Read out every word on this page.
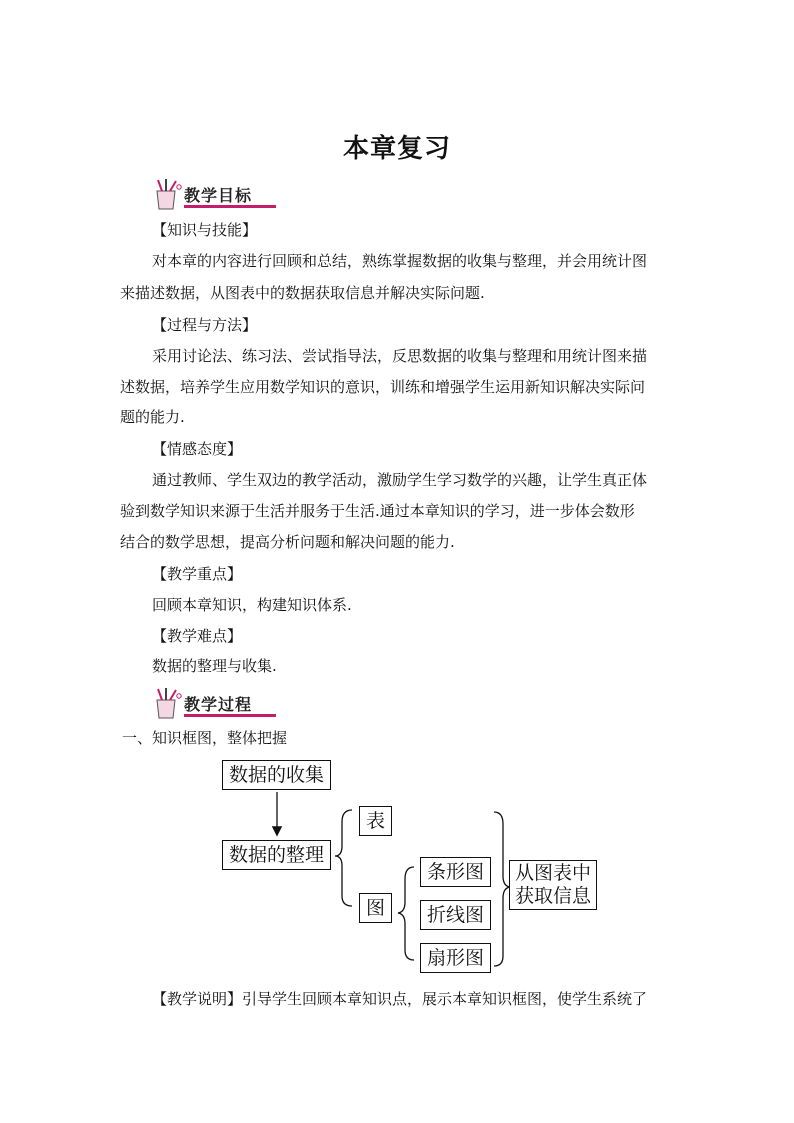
本章复习
教学目标
【知识与技能】
对本章的内容进行回顾和总结，熟练掌握数据的收集与整理，并会用统计图
来描述数据，从图表中的数据获取信息并解决实际问题.
【过程与方法】
采用讨论法、练习法、尝试指导法，反思数据的收集与整理和用统计图来描
述数据，培养学生应用数学知识的意识，训练和增强学生运用新知识解决实际问
题的能力.
【情感态度】
通过教师、学生双边的教学活动，激励学生学习数学的兴趣，让学生真正体
验到数学知识来源于生活并服务于生活.通过本章知识的学习，进一步体会数形
结合的数学思想，提高分析问题和解决问题的能力.
【教学重点】
回顾本章知识，构建知识体系.
【教学难点】
数据的整理与收集.
教学过程
一、知识框图，整体把握
数据的收集
数据的整理
表
图
条形图
折线图
扇形图
从图表中
获取信息
【教学说明】引导学生回顾本章知识点，展示本章知识框图，使学生系统了
